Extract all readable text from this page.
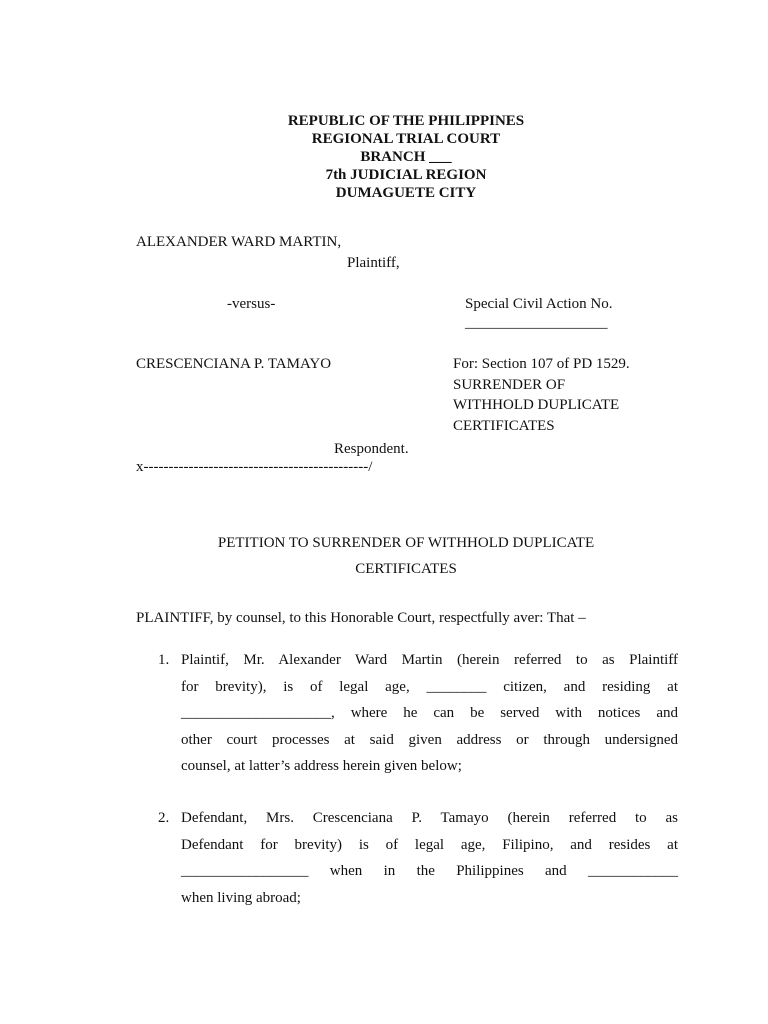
REPUBLIC OF THE PHILIPPINES
REGIONAL TRIAL COURT
BRANCH ___
7th JUDICIAL REGION
DUMAGUETE CITY
ALEXANDER WARD MARTIN,
Plaintiff,
-versus-	Special Civil Action No.
___________________
CRESCENCIANA P. TAMAYO	For: Section 107 of PD 1529.
SURRENDER OF
WITHHOLD DUPLICATE
CERTIFICATES
Respondent.
x---------------------------------------------/
PETITION TO SURRENDER OF WITHHOLD DUPLICATE
CERTIFICATES
PLAINTIFF, by counsel, to this Honorable Court, respectfully aver: That –
1. Plaintif, Mr. Alexander Ward Martin (herein referred to as Plaintiff
for brevity), is of legal age, ________ citizen, and residing at
____________________, where he can be served with notices and
other court processes at said given address or through undersigned
counsel, at latter’s address herein given below;
2. Defendant, Mrs. Crescenciana P. Tamayo (herein referred to as
Defendant for brevity) is of legal age, Filipino, and resides at
_________________ when in the Philippines and ____________
when living abroad;
